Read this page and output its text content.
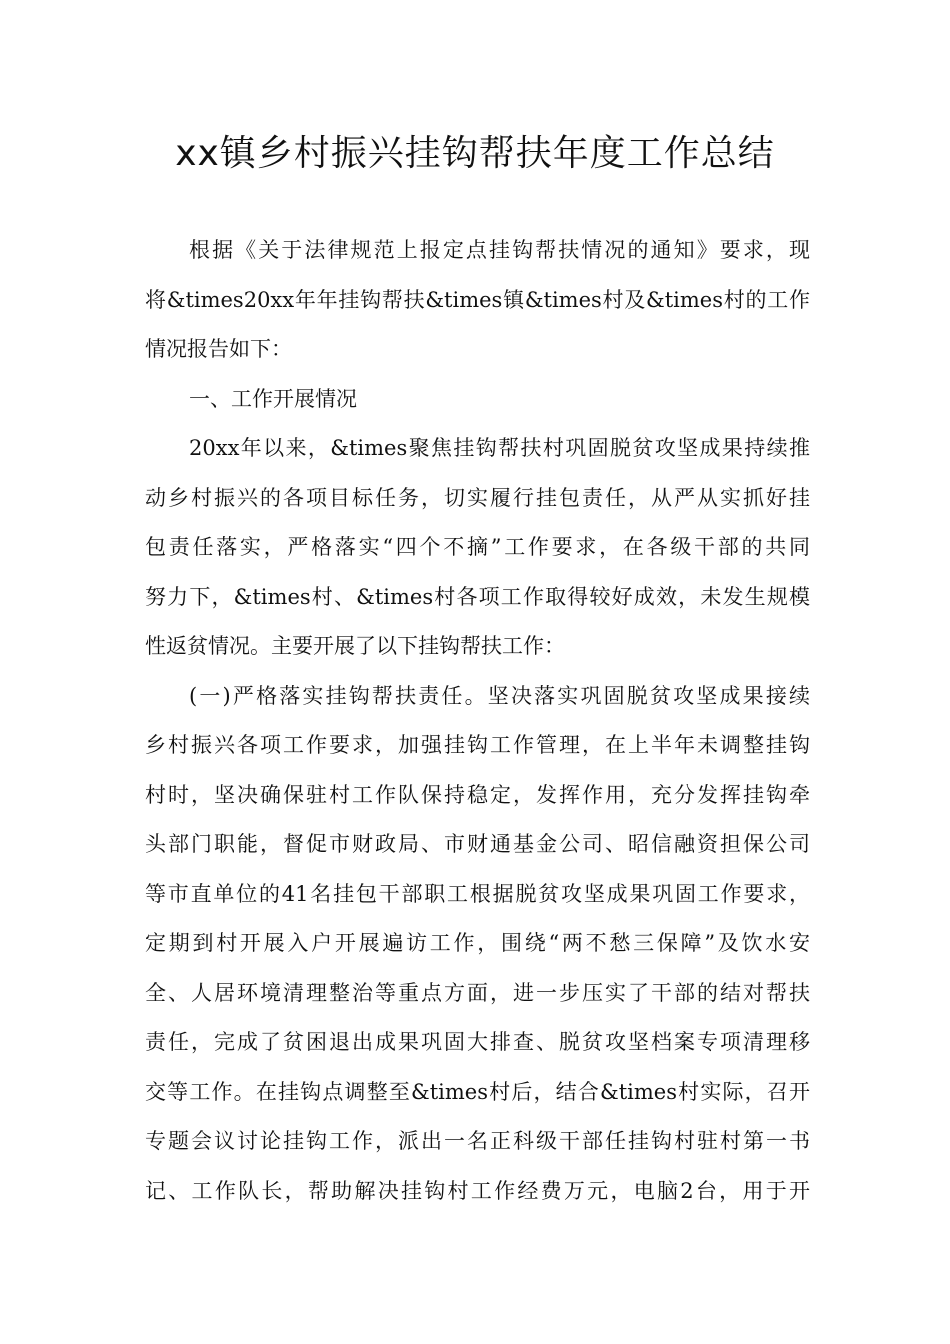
xx镇乡村振兴挂钩帮扶年度工作总结
根据《关于法律规范上报定点挂钩帮扶情况的通知》要求，现
将&times20xx年年挂钩帮扶&times镇&times村及&times村的工作
情况报告如下：
一、工作开展情况
20xx年以来，&times聚焦挂钩帮扶村巩固脱贫攻坚成果持续推
动乡村振兴的各项目标任务，切实履行挂包责任，从严从实抓好挂
包责任落实，严格落实“四个不摘”工作要求，在各级干部的共同
努力下，&times村、&times村各项工作取得较好成效，未发生规模
性返贫情况。主要开展了以下挂钩帮扶工作：
(一)严格落实挂钩帮扶责任。坚决落实巩固脱贫攻坚成果接续
乡村振兴各项工作要求，加强挂钩工作管理，在上半年未调整挂钩
村时，坚决确保驻村工作队保持稳定，发挥作用，充分发挥挂钩牵
头部门职能，督促市财政局、市财通基金公司、昭信融资担保公司
等市直单位的41名挂包干部职工根据脱贫攻坚成果巩固工作要求，
定期到村开展入户开展遍访工作，围绕“两不愁三保障”及饮水安
全、人居环境清理整治等重点方面，进一步压实了干部的结对帮扶
责任，完成了贫困退出成果巩固大排查、脱贫攻坚档案专项清理移
交等工作。在挂钩点调整至&times村后，结合&times村实际，召开
专题会议讨论挂钩工作，派出一名正科级干部任挂钩村驻村第一书
记、工作队长，帮助解决挂钩村工作经费万元，电脑2台，用于开
